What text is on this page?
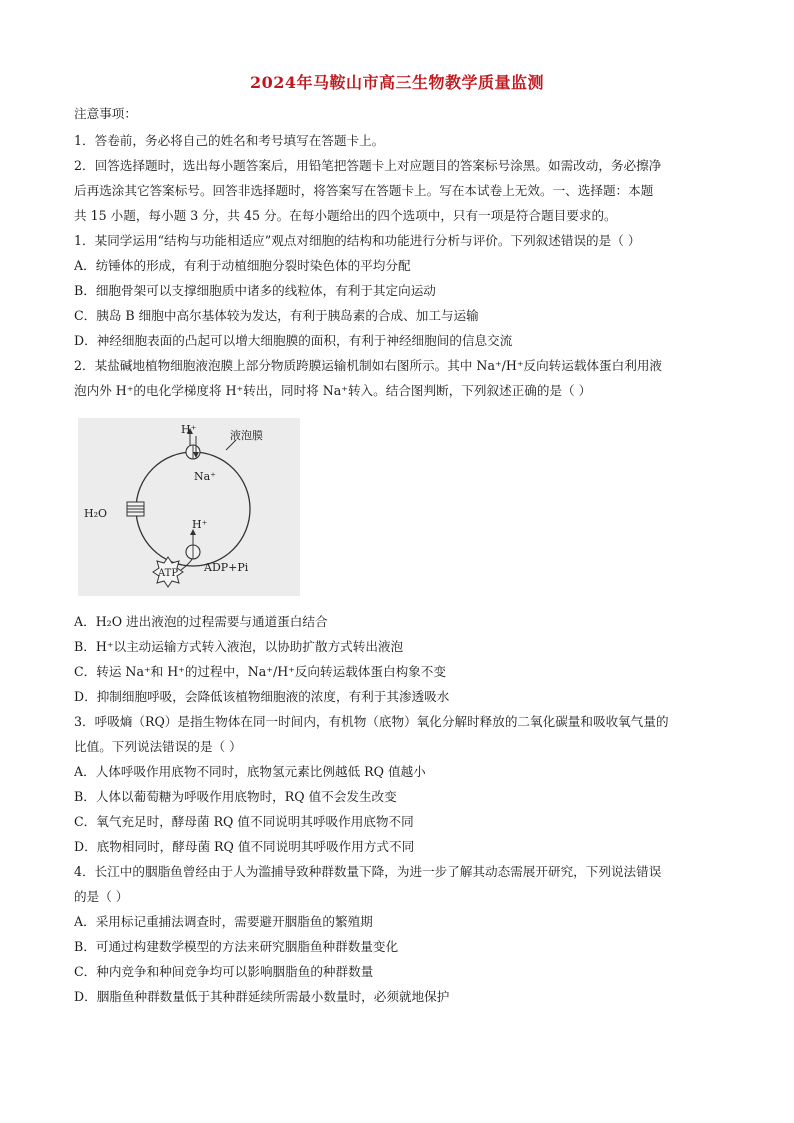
2024年马鞍山市高三生物教学质量监测
注意事项：
1．答卷前，务必将自己的姓名和考号填写在答题卡上。
2．回答选择题时，选出每小题答案后，用铅笔把答题卡上对应题目的答案标号涂黑。如需改动，务必擦净
后再选涂其它答案标号。回答非选择题时，将答案写在答题卡上。写在本试卷上无效。一、选择题：本题
共 15 小题，每小题 3 分，共 45 分。在每小题给出的四个选项中，只有一项是符合题目要求的。
1．某同学运用“结构与功能相适应”观点对细胞的结构和功能进行分析与评价。下列叙述错误的是（ ）
A．纺锤体的形成，有利于动植细胞分裂时染色体的平均分配
B．细胞骨架可以支撑细胞质中诸多的线粒体，有利于其定向运动
C．胰岛 B 细胞中高尔基体较为发达，有利于胰岛素的合成、加工与运输
D．神经细胞表面的凸起可以增大细胞膜的面积，有利于神经细胞间的信息交流
2．某盐碱地植物细胞液泡膜上部分物质跨膜运输机制如右图所示。其中 Na⁺/H⁺反向转运载体蛋白利用液
泡内外 H⁺的电化学梯度将 H⁺转出，同时将 Na⁺转入。结合图判断，下列叙述正确的是（ ）
液泡膜
H⁺
Na⁺
H₂O
H⁺
ATP ADP+Pi
A．H₂O 进出液泡的过程需要与通道蛋白结合
B．H⁺以主动运输方式转入液泡，以协助扩散方式转出液泡
C．转运 Na⁺和 H⁺的过程中，Na⁺/H⁺反向转运载体蛋白构象不变
D．抑制细胞呼吸，会降低该植物细胞液的浓度，有利于其渗透吸水
3．呼吸熵（RQ）是指生物体在同一时间内，有机物（底物）氧化分解时释放的二氧化碳量和吸收氧气量的
比值。下列说法错误的是（ ）
A．人体呼吸作用底物不同时，底物氢元素比例越低 RQ 值越小
B．人体以葡萄糖为呼吸作用底物时，RQ 值不会发生改变
C．氧气充足时，酵母菌 RQ 值不同说明其呼吸作用底物不同
D．底物相同时，酵母菌 RQ 值不同说明其呼吸作用方式不同
4．长江中的胭脂鱼曾经由于人为滥捕导致种群数量下降，为进一步了解其动态需展开研究，下列说法错误
的是（ ）
A．采用标记重捕法调查时，需要避开胭脂鱼的繁殖期
B．可通过构建数学模型的方法来研究胭脂鱼种群数量变化
C．种内竞争和种间竞争均可以影响胭脂鱼的种群数量
D．胭脂鱼种群数量低于其种群延续所需最小数量时，必须就地保护
